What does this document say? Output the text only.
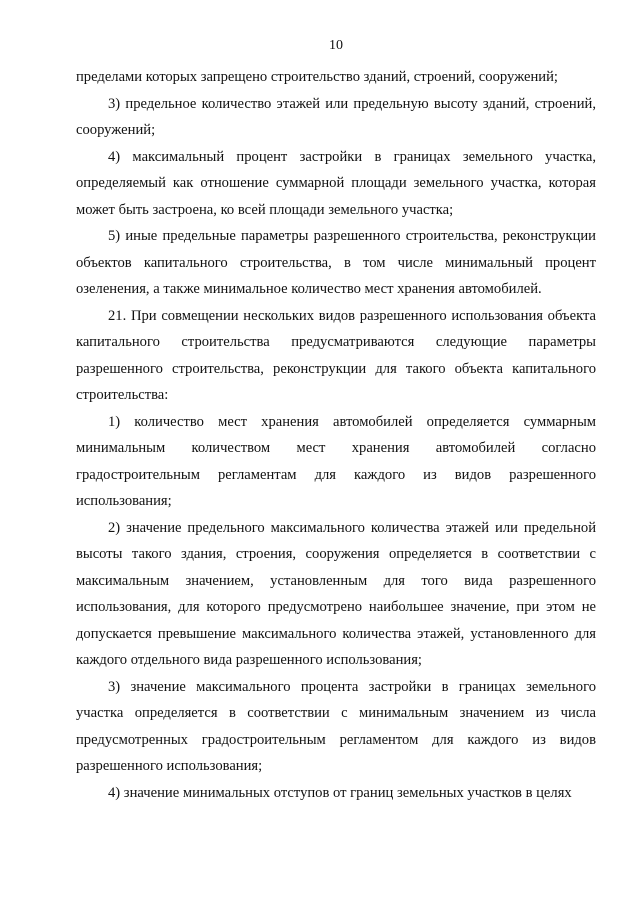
10

пределами которых запрещено строительство зданий, строений, сооружений;

3) предельное количество этажей или предельную высоту зданий, строений, сооружений;

4) максимальный процент застройки в границах земельного участка, определяемый как отношение суммарной площади земельного участка, которая может быть застроена, ко всей площади земельного участка;

5) иные предельные параметры разрешенного строительства, реконструкции объектов капитального строительства, в том числе минимальный процент озеленения, а также минимальное количество мест хранения автомобилей.

21. При совмещении нескольких видов разрешенного использования объекта капитального строительства предусматриваются следующие параметры разрешенного строительства, реконструкции для такого объекта капитального строительства:

1) количество мест хранения автомобилей определяется суммарным минимальным количеством мест хранения автомобилей согласно градостроительным регламентам для каждого из видов разрешенного использования;

2) значение предельного максимального количества этажей или предельной высоты такого здания, строения, сооружения определяется в соответствии с максимальным значением, установленным для того вида разрешенного использования, для которого предусмотрено наибольшее значение, при этом не допускается превышение максимального количества этажей, установленного для каждого отдельного вида разрешенного использования;

3) значение максимального процента застройки в границах земельного участка определяется в соответствии с минимальным значением из числа предусмотренных градостроительным регламентом для каждого из видов разрешенного использования;

4) значение минимальных отступов от границ земельных участков в целях
